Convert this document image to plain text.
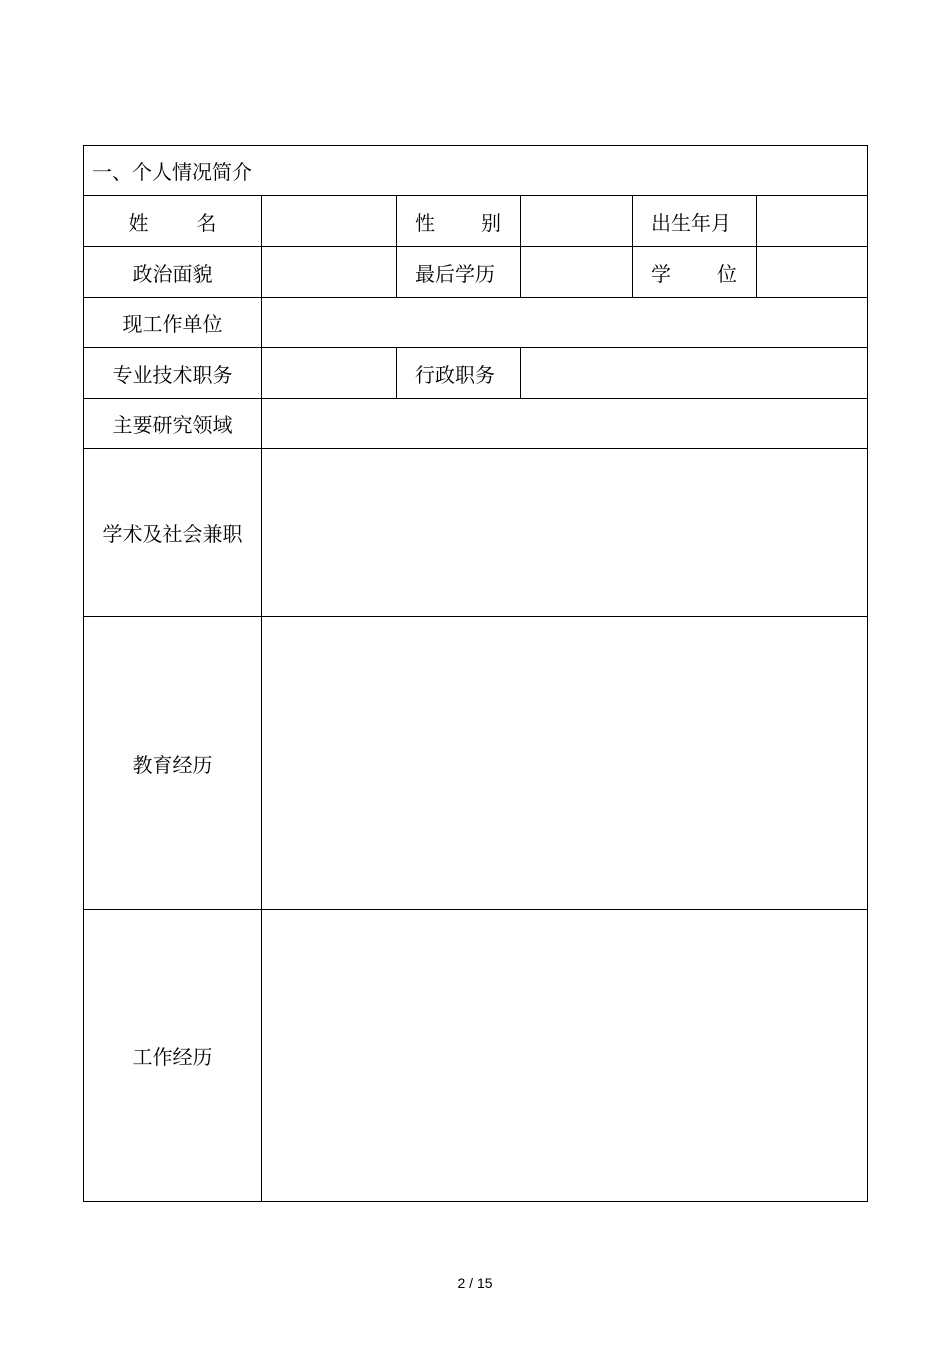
一、个人情况简介					

姓 名		性 别		出生年月	
政治面貌		最后学历		学 位	

现工作单位					
专业技术职务		行政职务			
主要研究领域					
学术及社会兼职					
教育经历					
工作经历					
2 / 15
